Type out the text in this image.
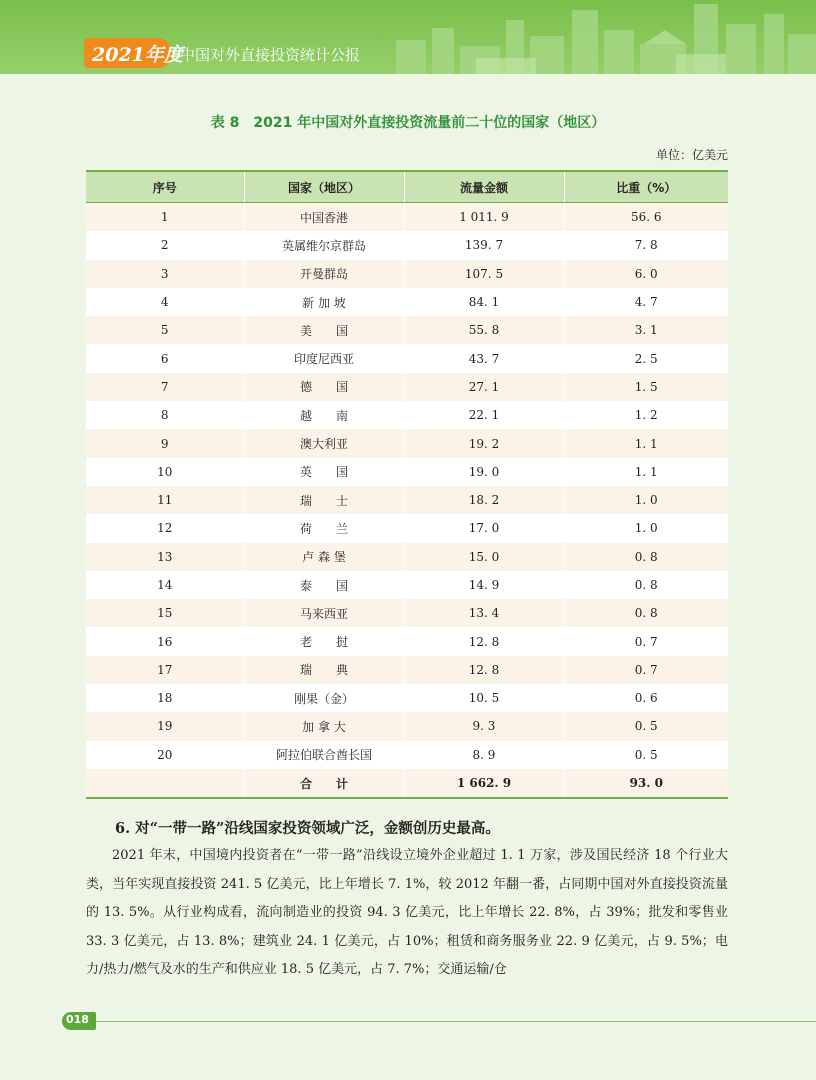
2021年度
中国对外直接投资统计公报
表 8　2021 年中国对外直接投资流量前二十位的国家（地区）
单位：亿美元
序号	国家（地区）	流量金额	比重（%）
1	中国香港	1 011. 9	56. 6
2	英属维尔京群岛	139. 7	7. 8
3	开曼群岛	107. 5	6. 0
4	新 加 坡	84. 1	4. 7
5	美　　国	55. 8	3. 1
6	印度尼西亚	43. 7	2. 5
7	德　　国	27. 1	1. 5
8	越　　南	22. 1	1. 2
9	澳大利亚	19. 2	1. 1
10	英　　国	19. 0	1. 1
11	瑞　　士	18. 2	1. 0
12	荷　　兰	17. 0	1. 0
13	卢 森 堡	15. 0	0. 8
14	泰　　国	14. 9	0. 8
15	马来西亚	13. 4	0. 8
16	老　　挝	12. 8	0. 7
17	瑞　　典	12. 8	0. 7
18	刚果（金）	10. 5	0. 6
19	加 拿 大	9. 3	0. 5
20	阿拉伯联合酋长国	8. 9	0. 5
	合　　计	1 662. 9	93. 0
6. 对“一带一路”沿线国家投资领域广泛，金额创历史最高。
2021 年末，中国境内投资者在“一带一路”沿线设立境外企业超过 1. 1 万家，涉及国民经济 18 个行业大类，当年实现直接投资 241. 5 亿美元，比上年增长 7. 1%，较 2012 年翻一番，占同期中国对外直接投资流量的 13. 5%。从行业构成看，流向制造业的投资 94. 3 亿美元，比上年增长 22. 8%，占 39%；批发和零售业 33. 3 亿美元，占 13. 8%；建筑业 24. 1 亿美元，占 10%；租赁和商务服务业 22. 9 亿美元，占 9. 5%；电力/热力/燃气及水的生产和供应业 18. 5 亿美元，占 7. 7%；交通运输/仓
018
